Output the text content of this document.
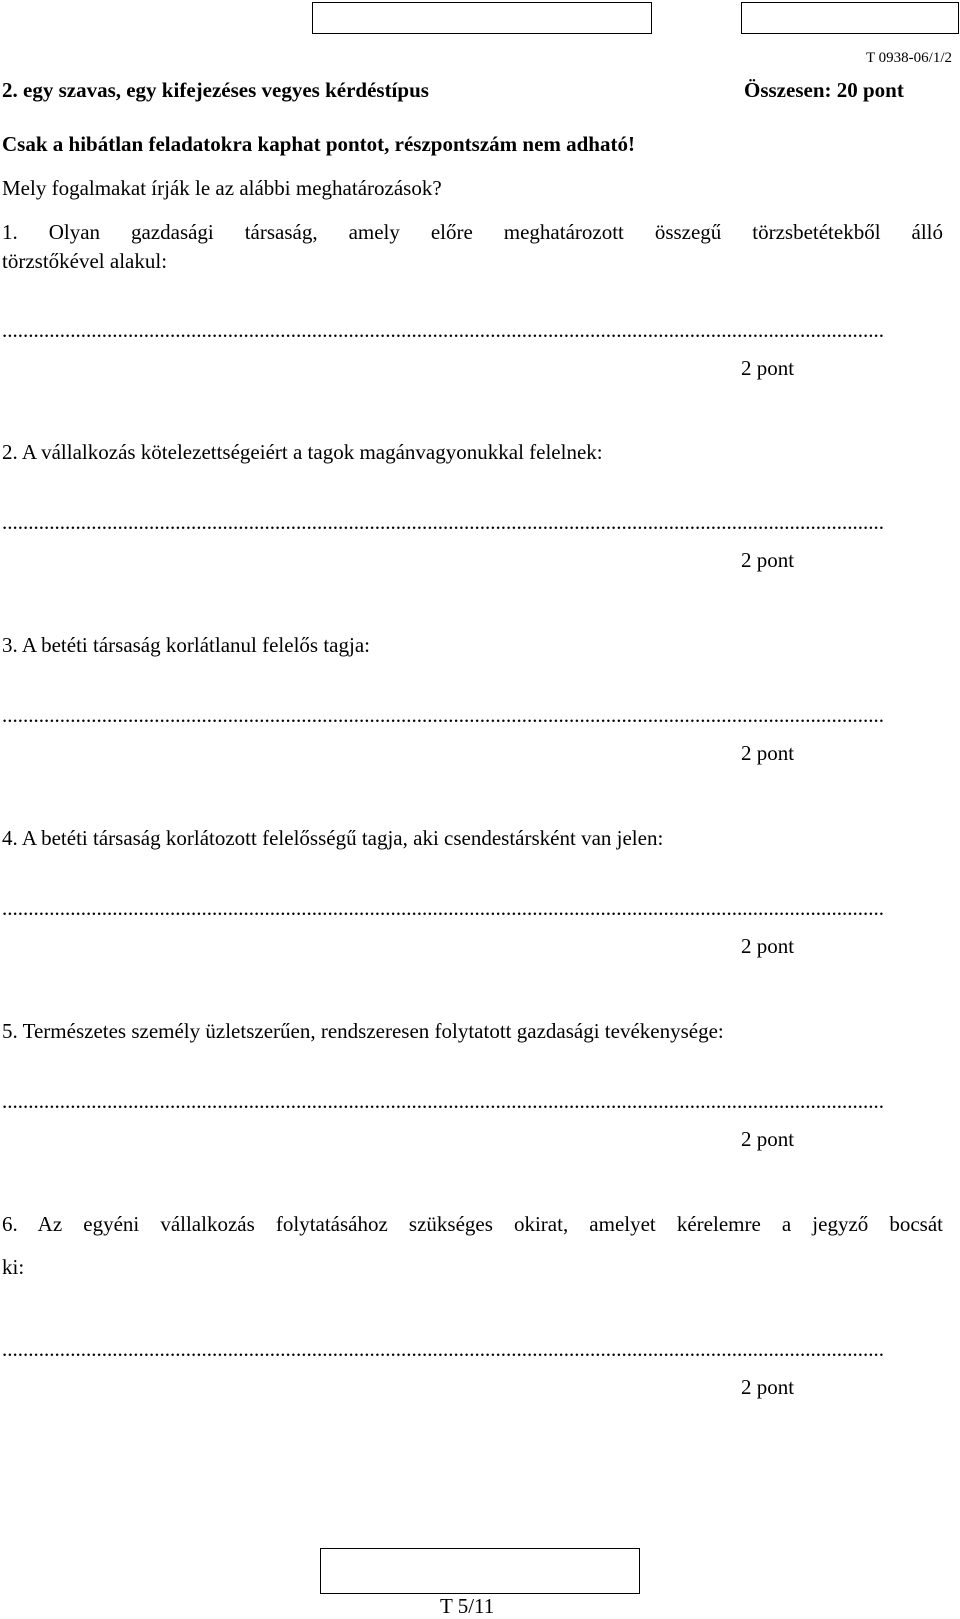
T 0938-06/1/2
2. egy szavas, egy kifejezéses vegyes kérdéstípus	Összesen: 20 pont
Csak a hibátlan feladatokra kaphat pontot, részpontszám nem adható!
Mely fogalmakat írják le az alábbi meghatározások?
1. Olyan gazdasági társaság, amely előre meghatározott összegű törzsbetétekből álló
törzstőkével alakul:
........................................................................................................................................................................
2 pont
2. A vállalkozás kötelezettségeiért a tagok magánvagyonukkal felelnek:
........................................................................................................................................................................
2 pont
3. A betéti társaság korlátlanul felelős tagja:
........................................................................................................................................................................
2 pont
4. A betéti társaság korlátozott felelősségű tagja, aki csendestársként van jelen:
........................................................................................................................................................................
2 pont
5. Természetes személy üzletszerűen, rendszeresen folytatott gazdasági tevékenysége:
........................................................................................................................................................................
2 pont
6. Az egyéni vállalkozás folytatásához szükséges okirat, amelyet kérelemre a jegyző bocsát
ki:
........................................................................................................................................................................
2 pont
T 5/11
